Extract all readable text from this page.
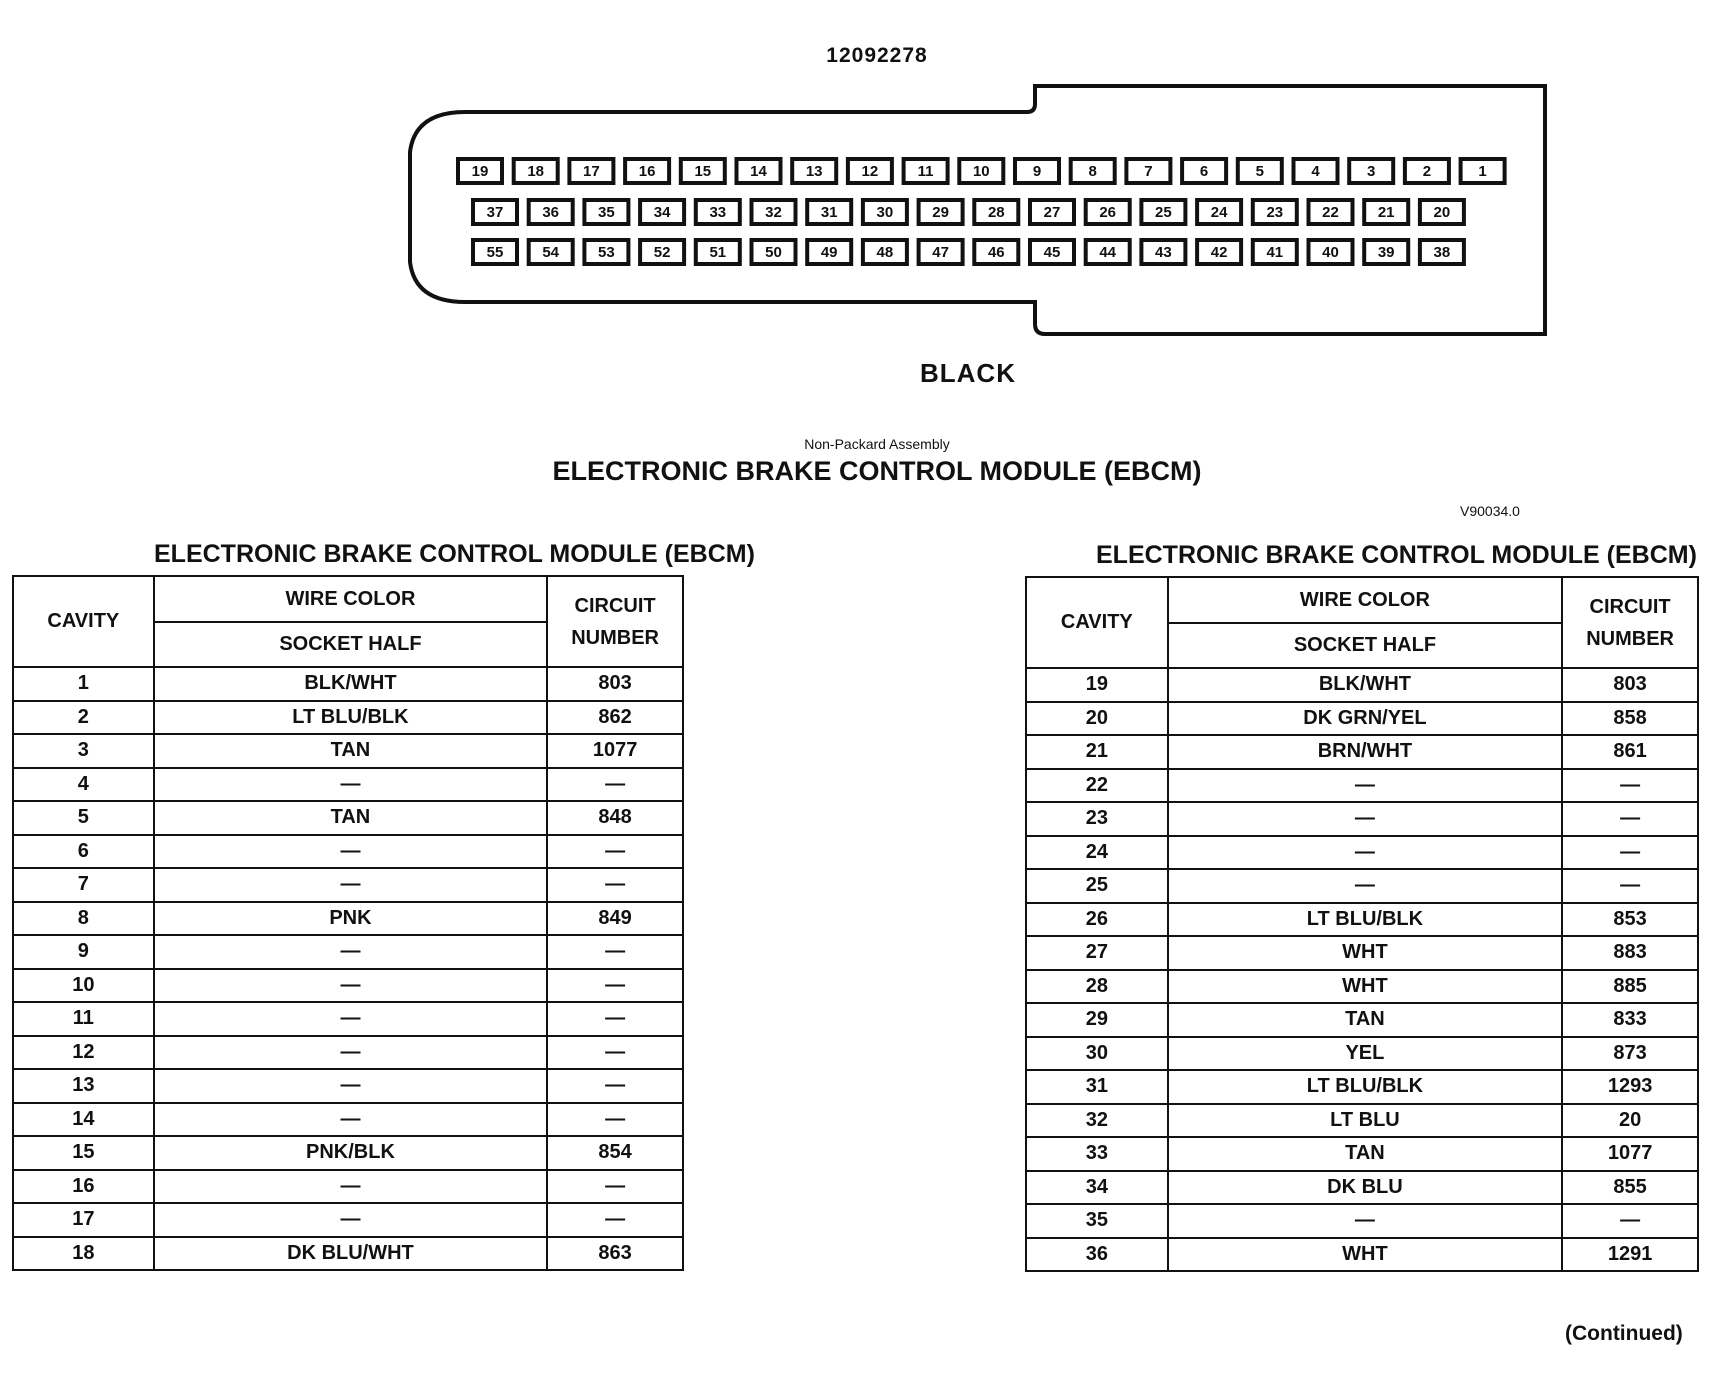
12092278
19	18	17	16	15	14	13	12	11	10	9	8	7	6	5	4	3	2	1
37	36	35	34	33	32	31	30	29	28	27	26	25	24	23	22	21	20
55	54	53	52	51	50	49	48	47	46	45	44	43	42	41	40	39	38
BLACK
Non-Packard Assembly
ELECTRONIC BRAKE CONTROL MODULE (EBCM)
V90034.0
ELECTRONIC BRAKE CONTROL MODULE (EBCM)
CAVITY	WIRE COLOR	CIRCUIT
NUMBER
	SOCKET HALF	
1	BLK/WHT	803
2	LT BLU/BLK	862
3	TAN	1077
4	—	—
5	TAN	848
6	—	—
7	—	—
8	PNK	849
9	—	—
10	—	—
11	—	—
12	—	—
13	—	—
14	—	—
15	PNK/BLK	854
16	—	—
17	—	—
18	DK BLU/WHT	863
ELECTRONIC BRAKE CONTROL MODULE (EBCM)
CAVITY	WIRE COLOR	CIRCUIT
NUMBER
	SOCKET HALF	
19	BLK/WHT	803
20	DK GRN/YEL	858
21	BRN/WHT	861
22	—	—
23	—	—
24	—	—
25	—	—
26	LT BLU/BLK	853
27	WHT	883
28	WHT	885
29	TAN	833
30	YEL	873
31	LT BLU/BLK	1293
32	LT BLU	20
33	TAN	1077
34	DK BLU	855
35	—	—
36	WHT	1291
(Continued)
